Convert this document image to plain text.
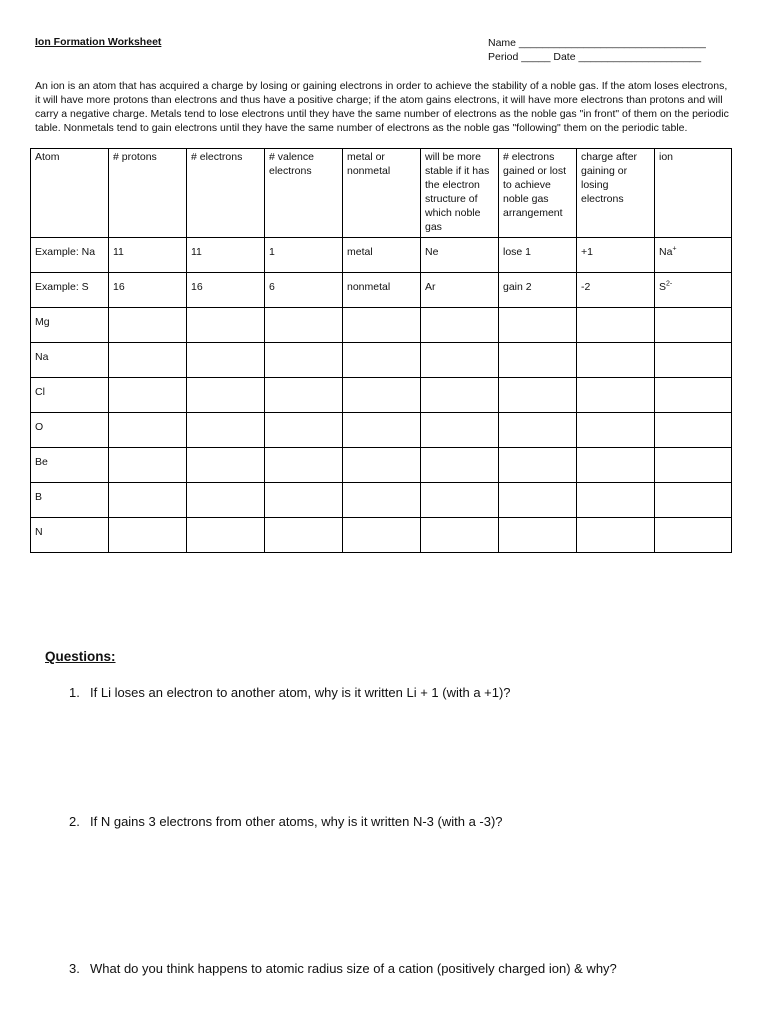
Ion Formation Worksheet	Name ________________________________
Period _____ Date _____________________
An ion is an atom that has acquired a charge by losing or gaining electrons in order to achieve the stability of a noble gas. If the atom loses electrons, it will have more protons than electrons and thus have a positive charge; if the atom gains electrons, it will have more electrons than protons and will carry a negative charge. Metals tend to lose electrons until they have the same number of electrons as the noble gas "in front" of them on the periodic table. Nonmetals tend to gain electrons until they have the same number of electrons as the noble gas "following" them on the periodic table.
Atom	# protons	# electrons	# valence electrons	metal or nonmetal	will be more stable if it has the electron structure of which noble gas	# electrons gained or lost to achieve noble gas arrangement	charge after gaining or losing electrons	ion
Example: Na	11	11	1	metal	Ne	lose 1	+1	Na+
Example: S	16	16	6	nonmetal	Ar	gain 2	-2	$S^{2-}$
Mg								
Na								
Cl								
O								
Be								
B								
N								
Questions:
1. If Li loses an electron to another atom, why is it written Li + 1 (with a +1)?
2. If N gains 3 electrons from other atoms, why is it written N-3 (with a -3)?
3. What do you think happens to atomic radius size of a cation (positively charged ion) & why?
